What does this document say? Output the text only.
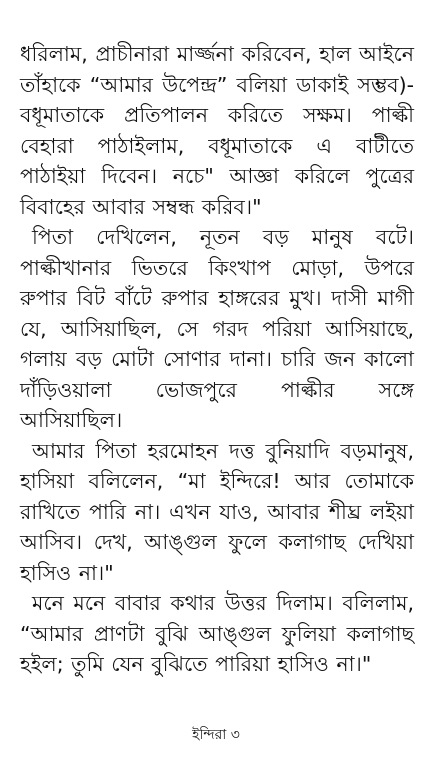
ধরিলাম, প্রাচীনারা মার্জ্জনা করিবেন, হাল আইনে তাঁহাকে “আমার উপেন্দ্র” বলিয়া ডাকাই সম্ভব)- বধূমাতাকে প্রতিপালন করিতে সক্ষম। পাল্কী বেহারা পাঠাইলাম, বধূমাতাকে এ বাটীতে পাঠাইয়া দিবেন। নচে" আজ্ঞা করিলে পুত্রের বিবাহের আবার সম্বন্ধ করিব।"

পিতা দেখিলেন, নূতন বড় মানুষ বটে। পাল্কীখানার ভিতরে কিংখাপ মোড়া, উপরে রুপার বিট বাঁটে রুপার হাঙ্গরের মুখ। দাসী মাগী যে, আসিয়াছিল, সে গরদ পরিয়া আসিয়াছে, গলায় বড় মোটা সোণার দানা। চারি জন কালো দাঁড়িওয়ালা ভোজপুরে পাল্কীর সঙ্গে আসিয়াছিল।

আমার পিতা হরমোহন দত্ত বুনিয়াদি বড়মানুষ, হাসিয়া বলিলেন, “মা ইন্দিরে! আর তোমাকে রাখিতে পারি না। এখন যাও, আবার শীঘ্র লইয়া আসিব। দেখ, আঙ্গুল ফুলে কলাগাছ দেখিয়া হাসিও না।"

মনে মনে বাবার কথার উত্তর দিলাম। বলিলাম, “আমার প্রাণটা বুঝি আঙ্গুল ফুলিয়া কলাগাছ হইল; তুমি যেন বুঝিতে পারিয়া হাসিও না।"

ইন্দিরা ৩
